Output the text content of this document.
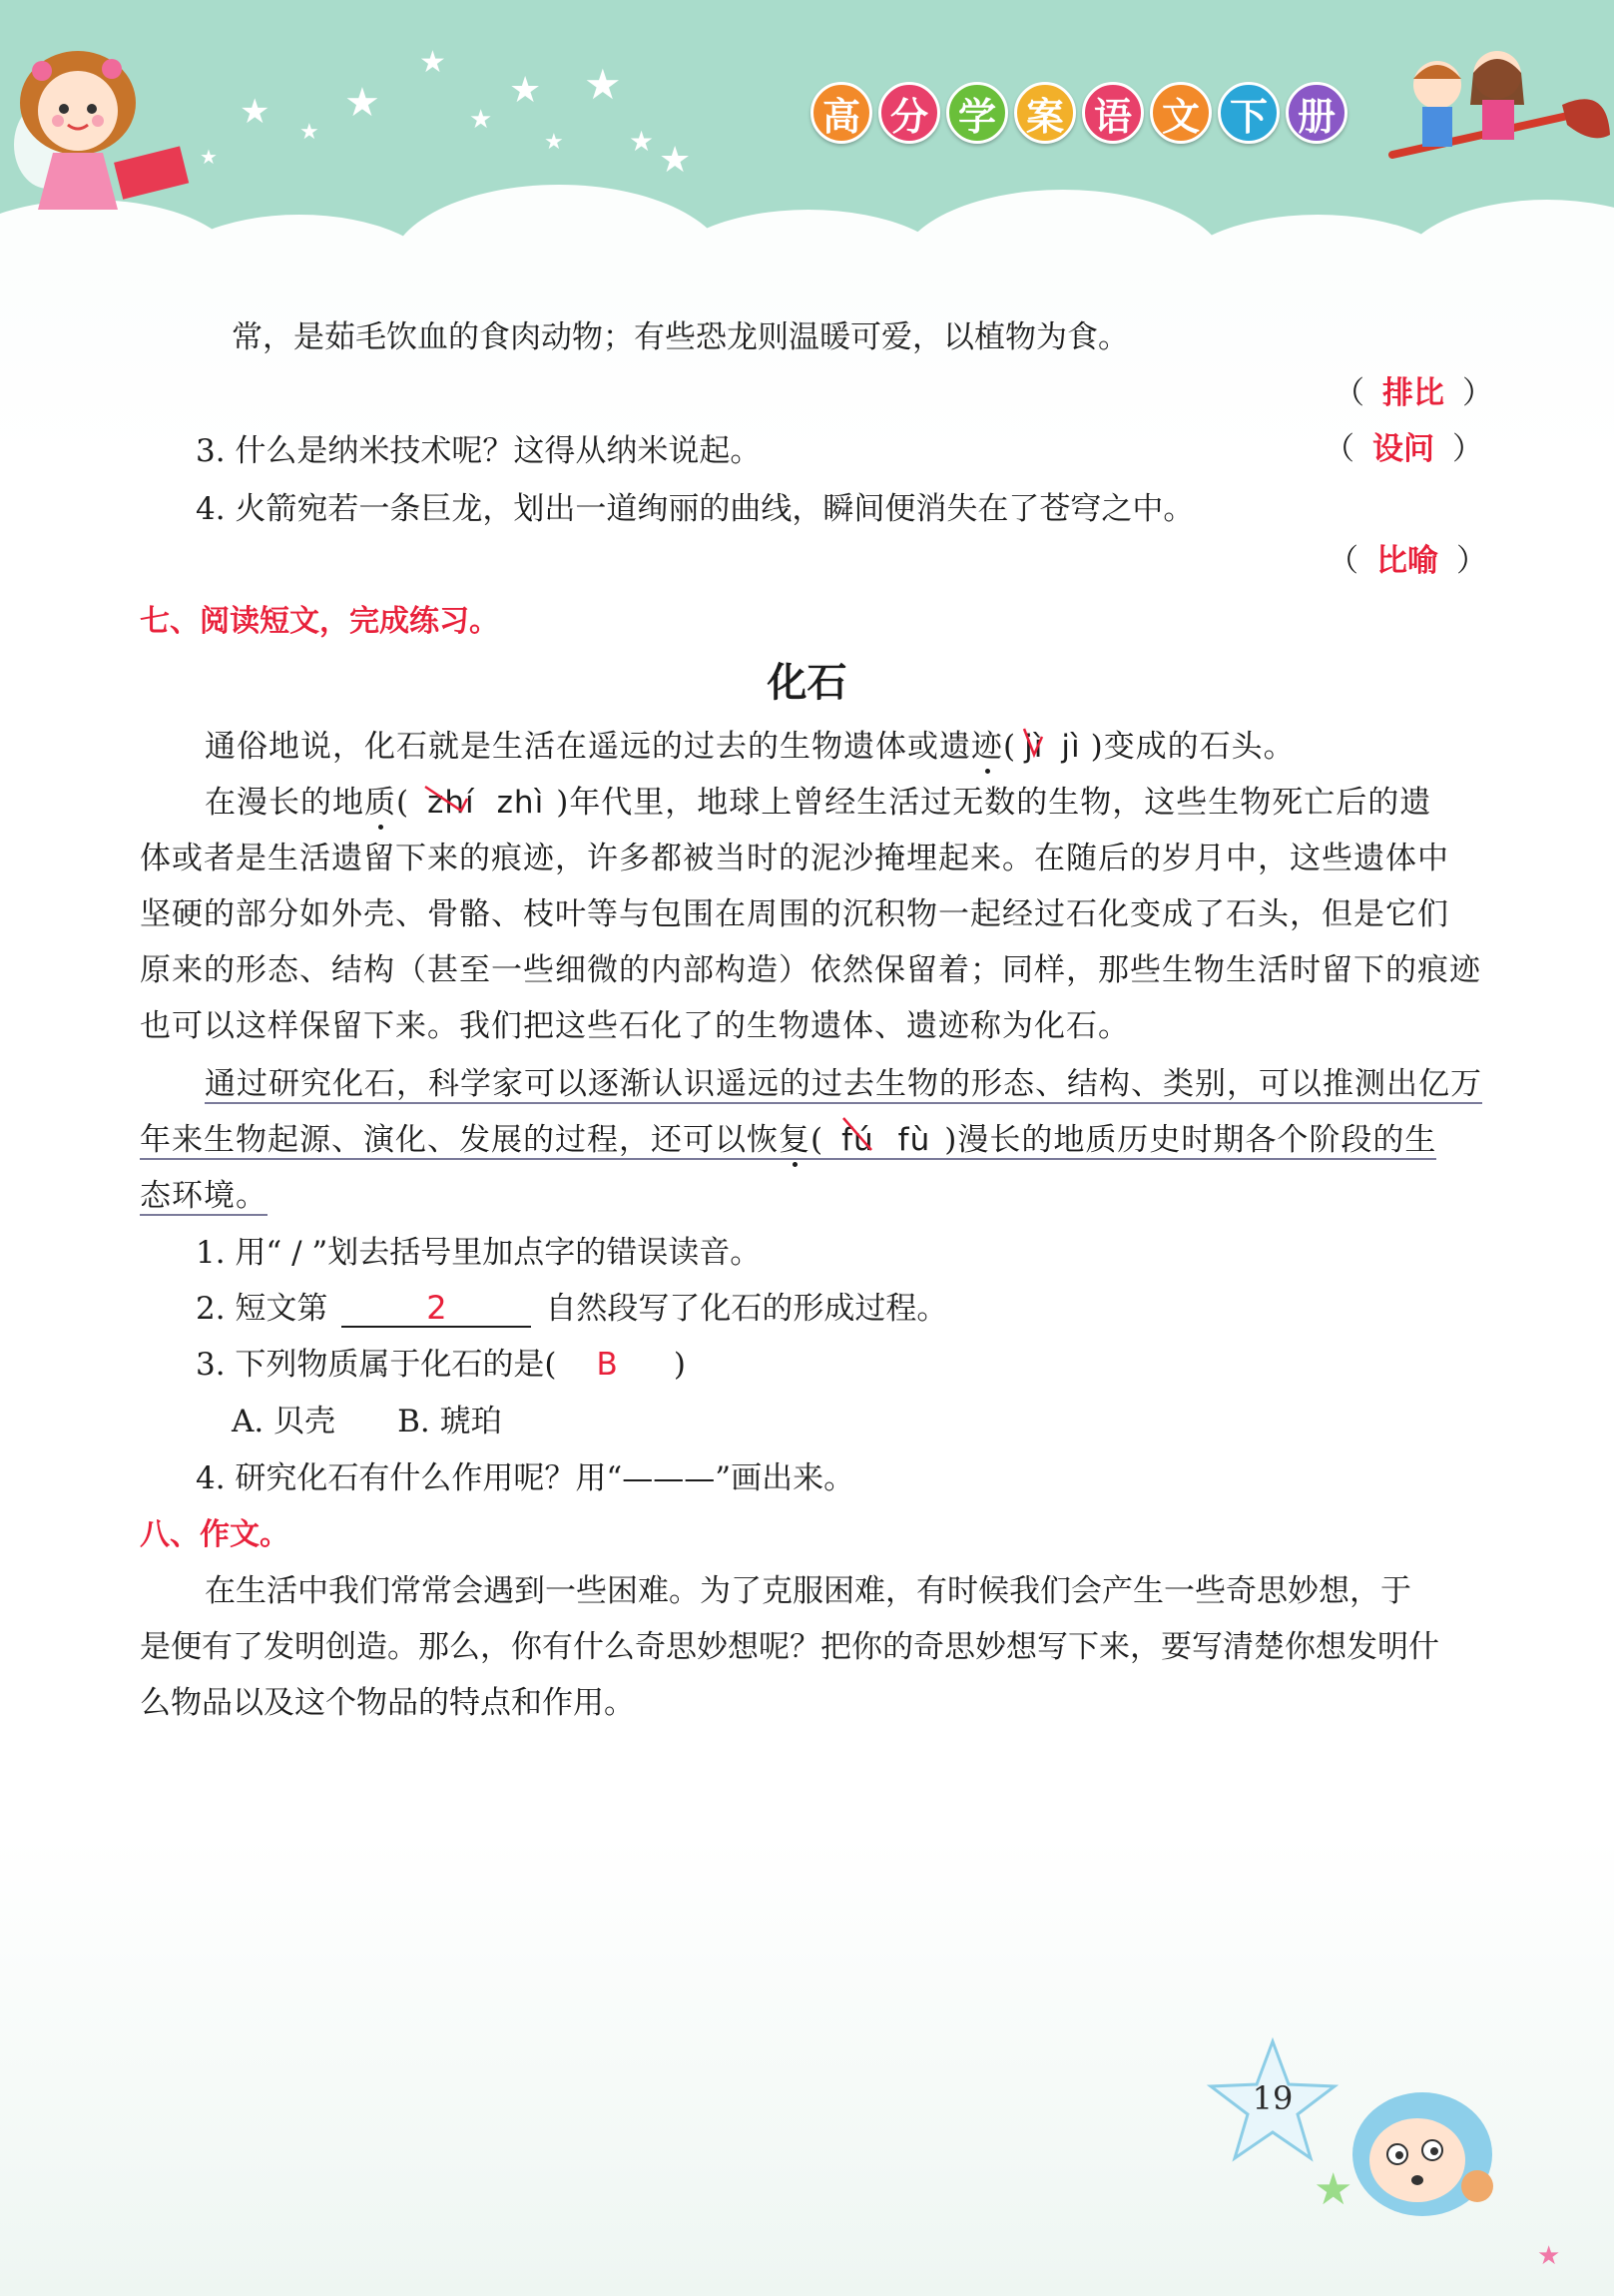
★
★
★
★
★
★ ★
★ ★
★
★
高 分 学 案 语 文 下 册
常，是茹毛饮血的食肉动物；有些恐龙则温暖可爱，以植物为食。
（ 排比 ）
3. 什么是纳米技术呢？这得从纳米说起。	（ 设问 ）
4. 火箭宛若一条巨龙，划出一道绚丽的曲线，瞬间便消失在了苍穹之中。
（ 比喻 ）
七、阅读短文，完成练习。
化石
通俗地说，化石就是生活在遥远的过去的生物遗体或遗迹( jì jì )变成的石头。
在漫长的地质( zhí zhì )年代里，地球上曾经生活过无数的生物，这些生物死亡后的遗
体或者是生活遗留下来的痕迹，许多都被当时的泥沙掩埋起来。在随后的岁月中，这些遗体中
坚硬的部分如外壳、骨骼、枝叶等与包围在周围的沉积物一起经过石化变成了石头，但是它们
原来的形态、结构（甚至一些细微的内部构造）依然保留着；同样，那些生物生活时留下的痕迹
也可以这样保留下来。我们把这些石化了的生物遗体、遗迹称为化石。
通过研究化石，科学家可以逐渐认识遥远的过去生物的形态、结构、类别，可以推测出亿万
年来生物起源、演化、发展的过程，还可以恢复( fú fù )漫长的地质历史时期各个阶段的生
态环境。
1. 用“ / ”划去括号里加点字的错误读音。
2. 短文第	2	自然段写了化石的形成过程。
3. 下列物质属于化石的是( B )
A. 贝壳　　B. 琥珀
4. 研究化石有什么作用呢？用“———”画出来。
八、作文。
在生活中我们常常会遇到一些困难。为了克服困难，有时候我们会产生一些奇思妙想，于
是便有了发明创造。那么，你有什么奇思妙想呢？把你的奇思妙想写下来，要写清楚你想发明什
么物品以及这个物品的特点和作用。
19
★
★
